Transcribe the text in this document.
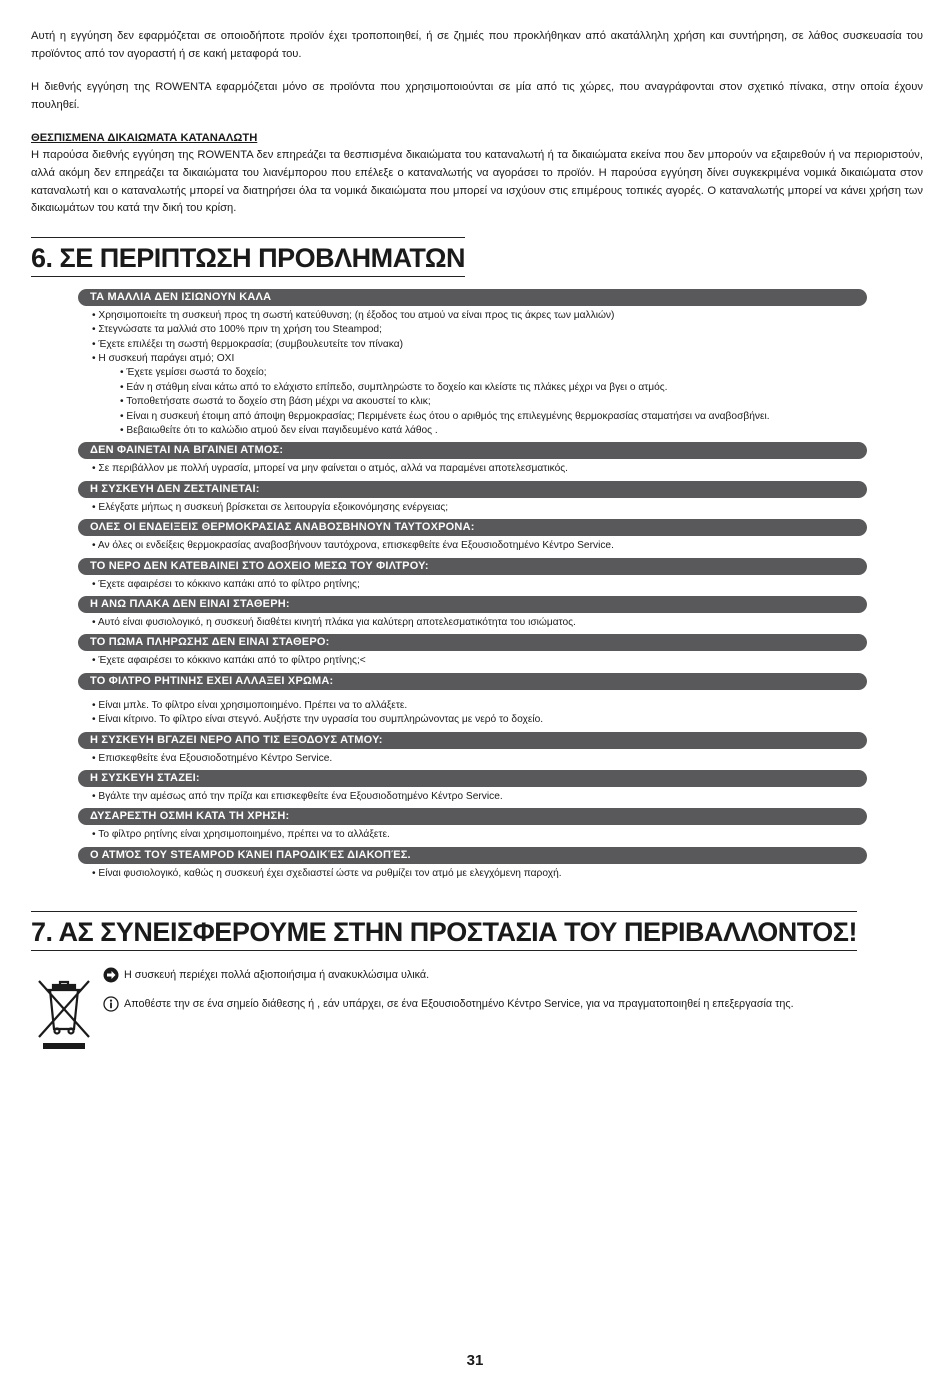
Αυτή η εγγύηση δεν εφαρμόζεται σε οποιοδήποτε προϊόν έχει τροποποιηθεί, ή σε ζημιές που προκλήθηκαν από ακατάλληλη χρήση και συντήρηση, σε λάθος συσκευασία του προϊόντος από τον αγοραστή ή σε κακή μεταφορά του.

Η διεθνής εγγύηση της ROWENTA εφαρμόζεται μόνο σε προϊόντα που χρησιμοποιούνται σε μία από τις χώρες, που αναγράφονται στον σχετικό πίνακα, στην οποία έχουν πουληθεί.

ΘΕΣΠΙΣΜΕΝΑ ΔΙΚΑΙΩΜΑΤΑ ΚΑΤΑΝΑΛΩΤΗ

Η παρούσα διεθνής εγγύηση της ROWENTA δεν επηρεάζει τα θεσπισμένα δικαιώματα του καταναλωτή ή τα δικαιώματα εκείνα που δεν μπορούν να εξαιρεθούν ή να περιοριστούν, αλλά ακόμη δεν επηρεάζει τα δικαιώματα του λιανέμπορου που επέλεξε ο καταναλωτής να αγοράσει το προϊόν. Η παρούσα εγγύηση δίνει συγκεκριμένα νομικά δικαιώματα στον καταναλωτή και ο καταναλωτής μπορεί να διατηρήσει όλα τα νομικά δικαιώματα που μπορεί να ισχύουν στις επιμέρους τοπικές αγορές. Ο καταναλωτής μπορεί να κάνει χρήση των δικαιωμάτων του κατά την δική του κρίση.

6. ΣΕ ΠΕΡΙΠΤΩΣΗ ΠΡΟΒΛΗΜΑΤΩΝ
ΤΑ ΜΑΛΛΙΑ ΔΕΝ ΙΣΙΩΝΟΥΝ ΚΑΛΑ
• Χρησιμοποιείτε τη συσκευή προς τη σωστή κατεύθυνση; (η έξοδος του ατμού να είναι προς τις άκρες των μαλλιών)
• Στεγνώσατε τα μαλλιά στο 100% πριν τη χρήση του Steampod;
• Έχετε επιλέξει τη σωστή θερμοκρασία; (συμβουλευτείτε τον πίνακα)
• Η συσκευή παράγει ατμό; ΟΧΙ
• Έχετε γεμίσει σωστά το δοχείο;
• Εάν η στάθμη είναι κάτω από το ελάχιστο επίπεδο, συμπληρώστε το δοχείο και κλείστε τις πλάκες μέχρι να βγει ο ατμός.
• Τοποθετήσατε σωστά το δοχείο στη βάση μέχρι να ακουστεί το κλικ;
• Είναι η συσκευή έτοιμη από άποψη θερμοκρασίας; Περιμένετε έως ότου ο αριθμός της επιλεγμένης θερμοκρασίας σταματήσει να αναβοσβήνει.
• Βεβαιωθείτε ότι το καλώδιο ατμού δεν είναι παγιδευμένο κατά λάθος .
ΔΕΝ ΦΑΙΝΕΤΑΙ ΝΑ ΒΓΑΙΝΕΙ ΑΤΜΟΣ:
• Σε περιβάλλον με πολλή υγρασία, μπορεί να μην φαίνεται ο ατμός, αλλά να παραμένει αποτελεσματικός.
Η ΣΥΣΚΕΥΗ ΔΕΝ ΖΕΣΤΑΙΝΕΤΑΙ:
• Ελέγξατε μήπως η συσκευή βρίσκεται σε λειτουργία εξοικονόμησης ενέργειας;
ΟΛΕΣ ΟΙ ΕΝΔΕΙΞΕΙΣ ΘΕΡΜΟΚΡΑΣΙΑΣ ΑΝΑΒΟΣΒΗΝΟΥΝ ΤΑΥΤΟΧΡΟΝΑ:
• Αν όλες οι ενδείξεις θερμοκρασίας αναβοσβήνουν ταυτόχρονα, επισκεφθείτε ένα Εξουσιοδοτημένο Κέντρο Service.
ΤΟ ΝΕΡΟ ΔΕΝ ΚΑΤΕΒΑΙΝΕΙ ΣΤΟ ΔΟΧΕΙΟ ΜΕΣΩ ΤΟΥ ΦΙΛΤΡΟΥ:
• Έχετε αφαιρέσει το κόκκινο καπάκι από το φίλτρο ρητίνης;
Η ΑΝΩ ΠΛΑΚΑ ΔΕΝ ΕΙΝΑΙ ΣΤΑΘΕΡΗ:
• Αυτό είναι φυσιολογικό, η συσκευή διαθέτει κινητή πλάκα για καλύτερη αποτελεσματικότητα του ισιώματος.
ΤΟ ΠΩΜΑ ΠΛΗΡΩΣΗΣ ΔΕΝ ΕΙΝΑΙ ΣΤΑΘΕΡΟ:
• Έχετε αφαιρέσει το κόκκινο καπάκι από το φίλτρο ρητίνης;<
ΤΟ ΦΙΛΤΡΟ ΡΗΤΙΝΗΣ ΕΧΕΙ ΑΛΛΑΞΕΙ ΧΡΩΜΑ:
• Είναι μπλε. Το φίλτρο είναι χρησιμοποιημένο. Πρέπει να το αλλάξετε.
• Είναι κίτρινο. Το φίλτρο είναι στεγνό. Αυξήστε την υγρασία του συμπληρώνοντας με νερό το δοχείο.
Η ΣΥΣΚΕΥΗ ΒΓΑΖΕΙ ΝΕΡΟ ΑΠΟ ΤΙΣ ΕΞΟΔΟΥΣ ΑΤΜΟΥ:
• Επισκεφθείτε ένα Εξουσιοδοτημένο Κέντρο Service.
Η ΣΥΣΚΕΥΗ ΣΤΑΖΕΙ:
• Βγάλτε την αμέσως από την πρίζα και επισκεφθείτε ένα Εξουσιοδοτημένο Κέντρο Service.
ΔΥΣΑΡΕΣΤΗ ΟΣΜΗ ΚΑΤΑ ΤΗ ΧΡΗΣΗ:
• Το φίλτρο ρητίνης είναι χρησιμοποιημένο, πρέπει να το αλλάξετε.
Ο ΑΤΜΌΣ ΤΟΥ STEAMPOD ΚΆΝΕΙ ΠΑΡΟΔΙΚΈΣ ΔΙΑΚΟΠΈΣ.
• Είναι φυσιολογικό, καθώς η συσκευή έχει σχεδιαστεί ώστε να ρυθμίζει τον ατμό με ελεγχόμενη παροχή.
7. ΑΣ ΣΥΝΕΙΣΦΕΡΟΥΜΕ ΣΤΗΝ ΠΡΟΣΤΑΣΙΑ ΤΟΥ ΠΕΡΙΒΑΛΛΟΝΤΟΣ!
Η συσκευή περιέχει πολλά αξιοποιήσιμα ή ανακυκλώσιμα υλικά.
Αποθέστε την σε ένα σημείο διάθεσης ή , εάν υπάρχει, σε ένα Εξουσιοδοτημένο Κέντρο Service, για να πραγματοποιηθεί η επεξεργασία της.
31
